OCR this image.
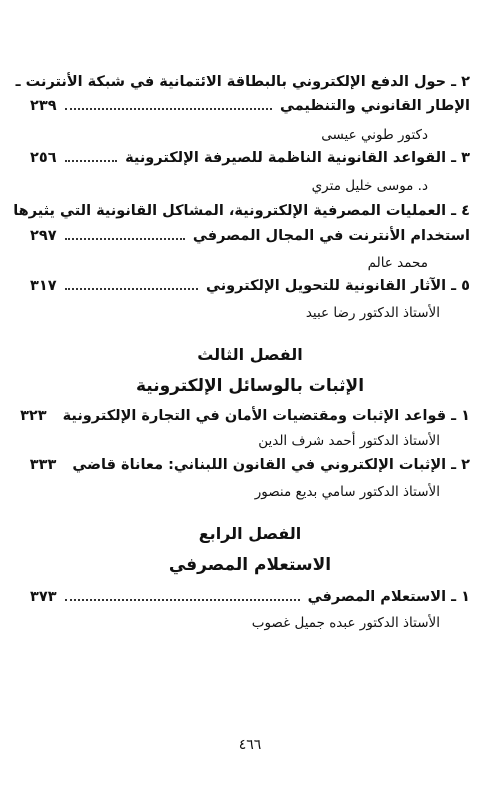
٢ ـ حول الدفع الإلكتروني بالبطاقة الائتمانية في شبكة الأنترنت ـ
الإطار القانوني والتنظيمي
٢٣٩
دكتور طوني عيسى
٣ ـ القواعد القانونية الناظمة للصيرفة الإلكترونية
٢٥٦
د. موسى خليل متري
٤ ـ العمليات المصرفية الإلكترونية، المشاكل القانونية التي يثيرها
استخدام الأنترنت في المجال المصرفي
٢٩٧
محمد عالم
٥ ـ الآثار القانونية للتحويل الإلكتروني
٣١٧
الأستاذ الدكتور رضا عبيد
الفصل الثالث
الإثبات بالوسائل الإلكترونية
١ ـ قواعد الإثبات ومقتضيات الأمان في التجارة الإلكترونية
٣٢٣
الأستاذ الدكتور أحمد شرف الدين
٢ ـ الإثبات الإلكتروني في القانون اللبناني: معاناة قاضي
٣٣٣
الأستاذ الدكتور سامي بديع منصور
الفصل الرابع
الاستعلام المصرفي
١ ـ الاستعلام المصرفي
٣٧٣
الأستاذ الدكتور عبده جميل غصوب
٤٦٦
